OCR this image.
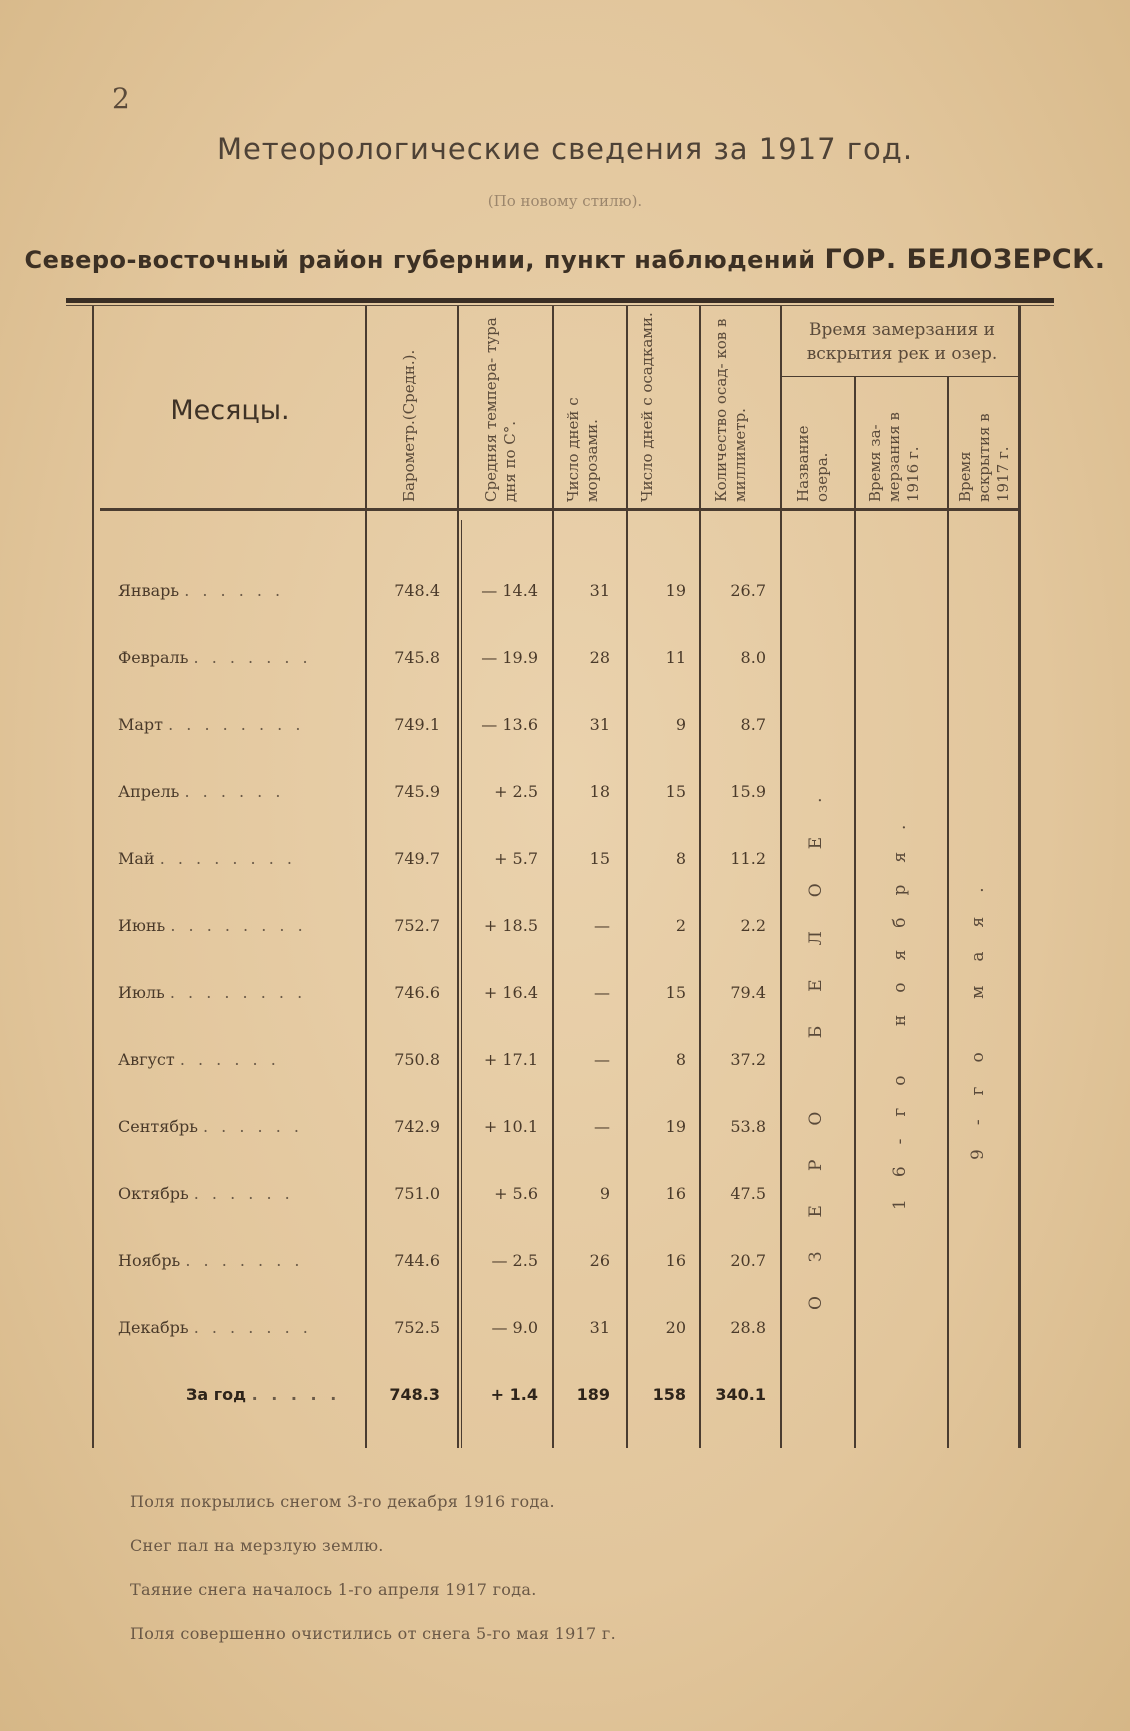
2
Метеорологические сведения за 1917 год.
(По новому стилю).
Северо-восточный район губернии, пункт наблюдений ГОР. БЕЛОЗЕРСК.
Месяцы.	Барометр.(Средн.).	Средняя темпера- тура дня по С°.	Число дней с морозами.	Число дней с осадками.	Количество осад- ков в миллиметр.
Время замерзания и вскрытия рек и озер.
Название озера.	Время за- мерзания в 1916 г.	Время вскрытия в 1917 г.
Январь . . . . . .	748.4	— 14.4	31	19	26.7
Февраль . . . . . . .	745.8	— 19.9	28	11	8.0
Март . . . . . . . .	749.1	— 13.6	31	9	8.7
Апрель . . . . . .	745.9	+ 2.5	18	15	15.9
Май . . . . . . . .	749.7	+ 5.7	15	8	11.2
Июнь . . . . . . . .	752.7	+ 18.5	—	2	2.2
Июль . . . . . . . .	746.6	+ 16.4	—	15	79.4
Август . . . . . .	750.8	+ 17.1	—	8	37.2
Сентябрь . . . . . .	742.9	+ 10.1	—	19	53.8
Октябрь . . . . . .	751.0	+ 5.6	9	16	47.5
Ноябрь . . . . . . .	744.6	— 2.5	26	16	20.7
Декабрь . . . . . . .	752.5	— 9.0	31	20	28.8
За год . . . . .	748.3	+ 1.4	189	158	340.1
ОЗЕРО БЕЛОЕ.	16-го ноября.	9-го мая.
Поля покрылись снегом 3-го декабря 1916 года.
Снег пал на мерзлую землю.
Таяние снега началось 1-го апреля 1917 года.
Поля совершенно очистились от снега 5-го мая 1917 г.
